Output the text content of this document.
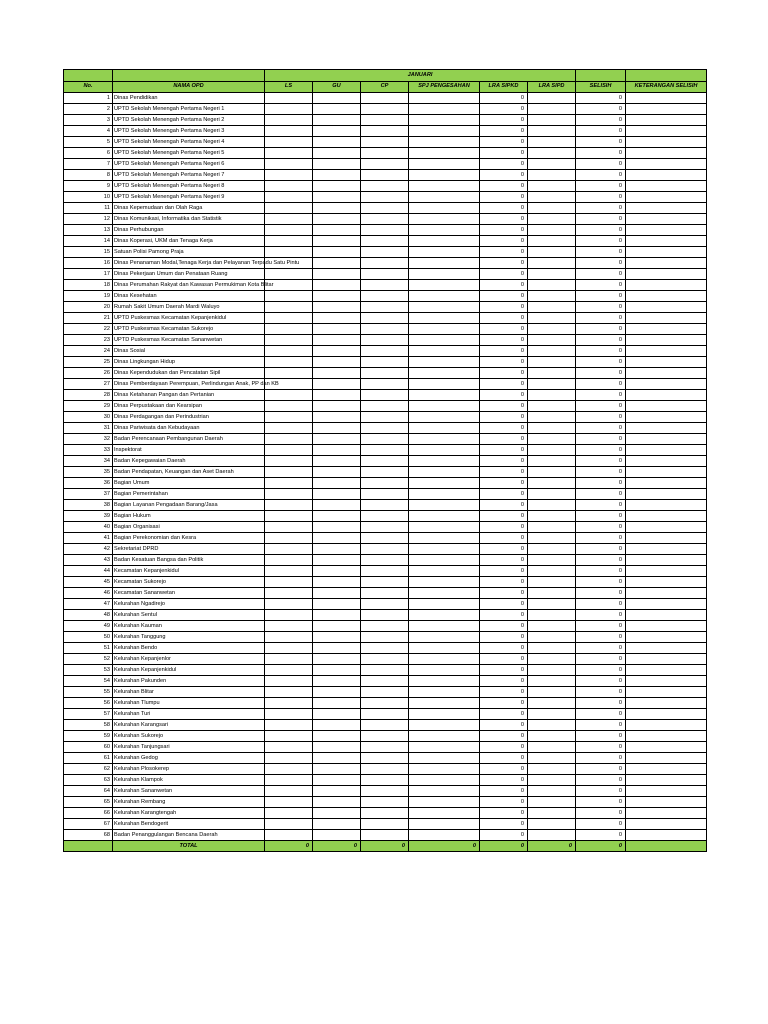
		JANUARI							
No.	NAMA OPD	LS	GU	CP	SPJ PENGESAHAN	LRA SIPKD	LRA SIPD	SELISIH	KETERANGAN SELISIH
1	Dinas Pendidikan					0		0	
2	UPTD Sekolah Menengah Pertama Negeri 1					0		0	
3	UPTD Sekolah Menengah Pertama Negeri 2					0		0	
4	UPTD Sekolah Menengah Pertama Negeri 3					0		0	
5	UPTD Sekolah Menengah Pertama Negeri 4					0		0	
6	UPTD Sekolah Menengah Pertama Negeri 5					0		0	
7	UPTD Sekolah Menengah Pertama Negeri 6					0		0	
8	UPTD Sekolah Menengah Pertama Negeri 7					0		0	
9	UPTD Sekolah Menengah Pertama Negeri 8					0		0	
10	UPTD Sekolah Menengah Pertama Negeri 9					0		0	
11	Dinas Kepemudaan dan Olah Raga					0		0	
12	Dinas Komunikasi, Informatika dan Statistik					0		0	
13	Dinas Perhubungan					0		0	
14	Dinas Koperasi, UKM dan Tenaga Kerja					0		0	
15	Satuan Polisi Pamong Praja					0		0	
16	Dinas Penanaman Modal,Tenaga Kerja dan Pelayanan Terpadu Satu Pintu					0		0	
17	Dinas Pekerjaan Umum dan Penataan Ruang					0		0	
18	Dinas Perumahan Rakyat dan Kawasan Permukiman Kota Blitar					0		0	
19	Dinas Kesehatan					0		0	
20	Rumah Sakit Umum Daerah Mardi Waluyo					0		0	
21	UPTD Puskesmas Kecamatan Kepanjenkidul					0		0	
22	UPTD Puskesmas Kecamatan Sukorejo					0		0	
23	UPTD Puskesmas Kecamatan Sananwetan					0		0	
24	Dinas Sosial					0		0	
25	Dinas Lingkungan Hidup					0		0	
26	Dinas Kependudukan dan Pencatatan Sipil					0		0	
27	Dinas Pemberdayaan Perempuan, Perlindungan Anak, PP dan KB					0		0	
28	Dinas Ketahanan Pangan dan Pertanian					0		0	
29	Dinas Perpustakaan dan Kearsipan					0		0	
30	Dinas Perdagangan dan Perindustrian					0		0	
31	Dinas Pariwisata dan Kebudayaan					0		0	
32	Badan Perencanaan Pembangunan Daerah					0		0	
33	Inspektorat					0		0	
34	Badan Kepegawaian Daerah					0		0	
35	Badan Pendapatan, Keuangan dan Aset Daerah					0		0	
36	Bagian Umum					0		0	
37	Bagian Pemerintahan					0		0	
38	Bagian Layanan Pengadaan Barang/Jasa					0		0	
39	Bagian Hukum					0		0	
40	Bagian Organisasi					0		0	
41	Bagian Perekonomian dan Kesra					0		0	
42	Sekretariat DPRD					0		0	
43	Badan Kesatuan Bangsa dan Politik					0		0	
44	Kecamatan Kepanjenkidul					0		0	
45	Kecamatan Sukorejo					0		0	
46	Kecamatan Sananwetan					0		0	
47	Kelurahan Ngadirejo					0		0	
48	Kelurahan Sentul					0		0	
49	Kelurahan Kauman					0		0	
50	Kelurahan Tanggung					0		0	
51	Kelurahan Bendo					0		0	
52	Kelurahan Kepanjenlor					0		0	
53	Kelurahan Kepanjenkidul					0		0	
54	Kelurahan Pakunden					0		0	
55	Kelurahan Blitar					0		0	
56	Kelurahan Tlumpu					0		0	
57	Kelurahan Turi					0		0	
58	Kelurahan Karangsari					0		0	
59	Kelurahan Sukorejo					0		0	
60	Kelurahan Tanjungsari					0		0	
61	Kelurahan Gedog					0		0	
62	Kelurahan Plosokerep					0		0	
63	Kelurahan Klampok					0		0	
64	Kelurahan Sananwetan					0		0	
65	Kelurahan Rembang					0		0	
66	Kelurahan Karangtengah					0		0	
67	Kelurahan Bendogerit					0		0	
68	Badan Penanggulangan Bencana Daerah					0		0	
	TOTAL	0	0	0	0	0	0	0	
